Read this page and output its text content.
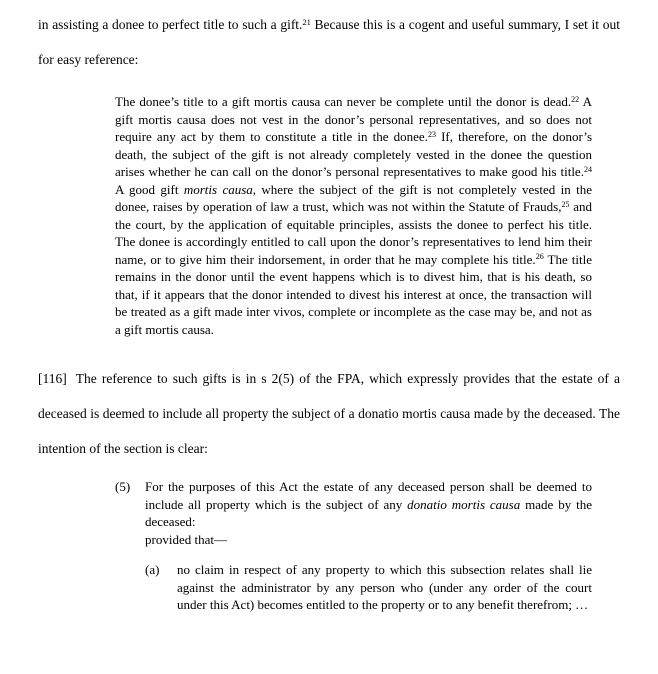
in assisting a donee to perfect title to such a gift.$^{21}$ Because this is a cogent and useful summary, I set it out for easy reference:
The donee’s title to a gift mortis causa can never be complete until the donor is dead.$^{22}$ A gift mortis causa does not vest in the donor’s personal representatives, and so does not require any act by them to constitute a title in the donee.$^{23}$ If, therefore, on the donor’s death, the subject of the gift is not already completely vested in the donee the question arises whether he can call on the donor’s personal representatives to make good his title.$^{24}$ A good gift mortis causa, where the subject of the gift is not completely vested in the donee, raises by operation of law a trust, which was not within the Statute of Frauds,$^{25}$ and the court, by the application of equitable principles, assists the donee to perfect his title. The donee is accordingly entitled to call upon the donor’s representatives to lend him their name, or to give him their indorsement, in order that he may complete his title.$^{26}$ The title remains in the donor until the event happens which is to divest him, that is his death, so that, if it appears that the donor intended to divest his interest at once, the transaction will be treated as a gift made inter vivos, complete or incomplete as the case may be, and not as a gift mortis causa.
[116] The reference to such gifts is in s 2(5) of the FPA, which expressly provides that the estate of a deceased is deemed to include all property the subject of a donatio mortis causa made by the deceased. The intention of the section is clear:
(5) For the purposes of this Act the estate of any deceased person shall be deemed to include all property which is the subject of any donatio mortis causa made by the deceased:
provided that—
(a) no claim in respect of any property to which this subsection relates shall lie against the administrator by any person who (under any order of the court under this Act) becomes entitled to the property or to any benefit therefrom; …
